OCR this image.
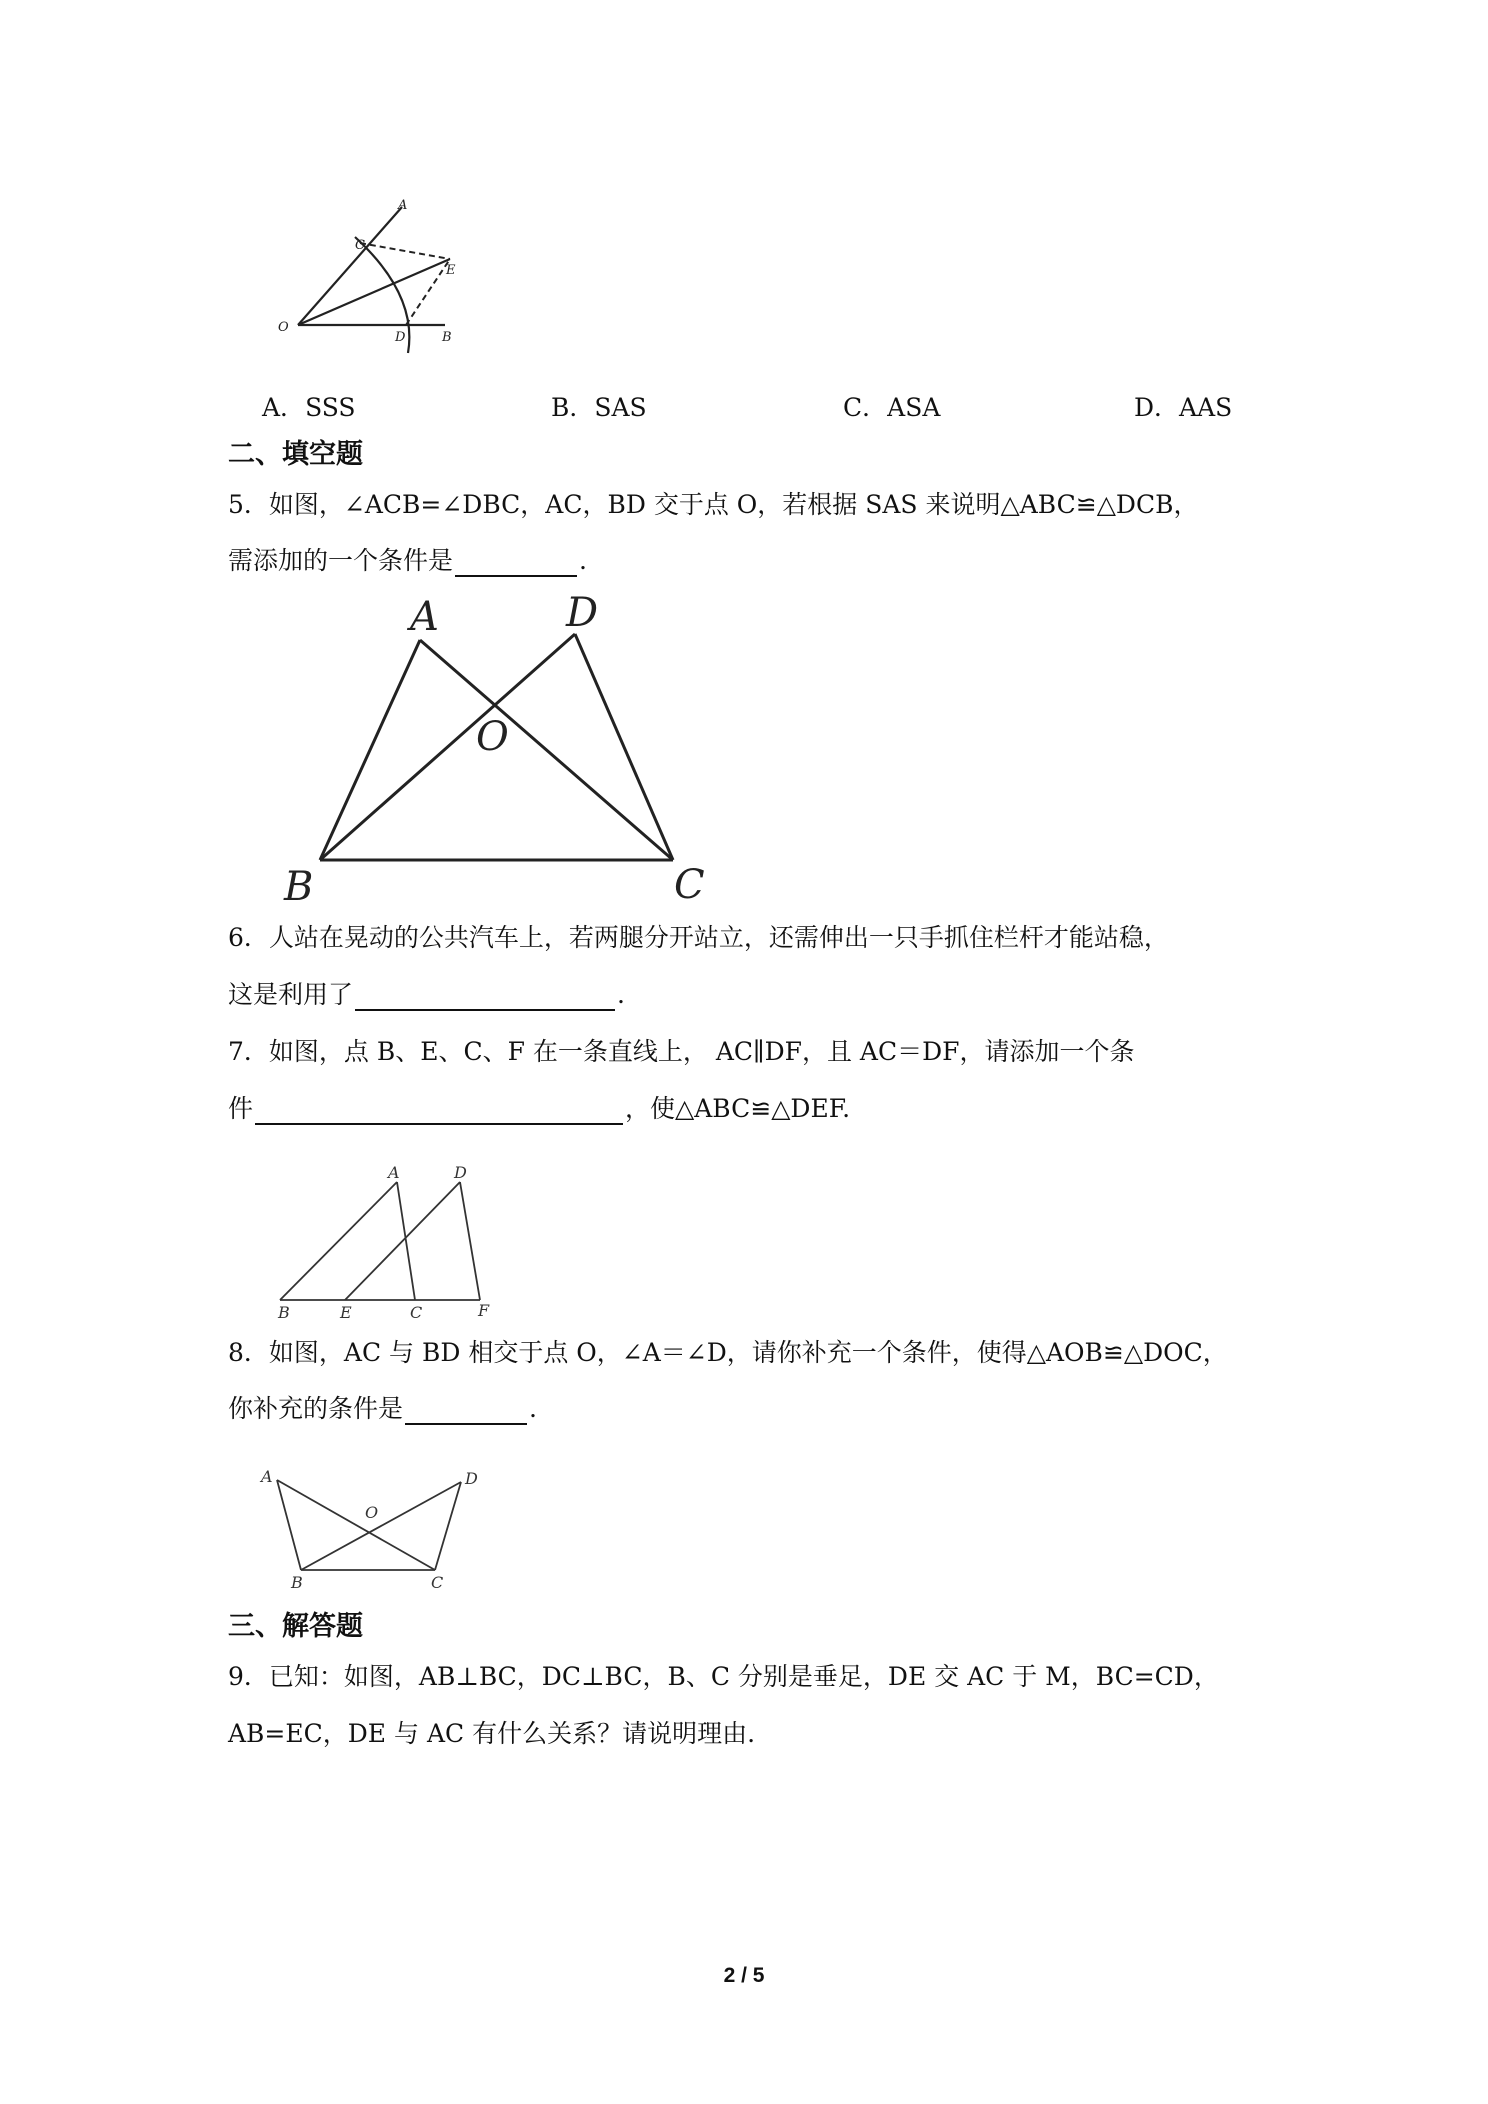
A
C
E
O
D	B
A．SSS	B．SAS	C．ASA	D．AAS
二、填空题
5．如图，∠ACB=∠DBC，AC，BD 交于点 O，若根据 SAS 来说明△ABC≌△DCB，
需添加的一个条件是	.
A	D
O
B	C
6．人站在晃动的公共汽车上，若两腿分开站立，还需伸出一只手抓住栏杆才能站稳，
这是利用了	.
7．如图，点 B、E、C、F 在一条直线上， AC∥DF，且 AC＝DF，请添加一个条
件	，使△ABC≌△DEF.
A	D
B	E	C	F
8．如图，AC 与 BD 相交于点 O，∠A＝∠D，请你补充一个条件，使得△AOB≌△DOC，
你补充的条件是	.
A	D
O
B	C
三、解答题
9．已知：如图，AB⊥BC，DC⊥BC，B、C 分别是垂足，DE 交 AC 于 M，BC=CD，
AB=EC，DE 与 AC 有什么关系？请说明理由.
2 / 5
